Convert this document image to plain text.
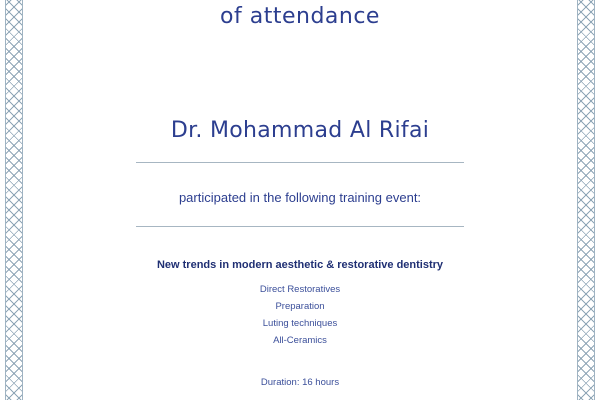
of attendance
Dr. Mohammad Al Rifai
participated in the following training event:
New trends in modern aesthetic & restorative dentistry
Direct Restoratives
Preparation
Luting techniques
All-Ceramics
Duration: 16 hours
